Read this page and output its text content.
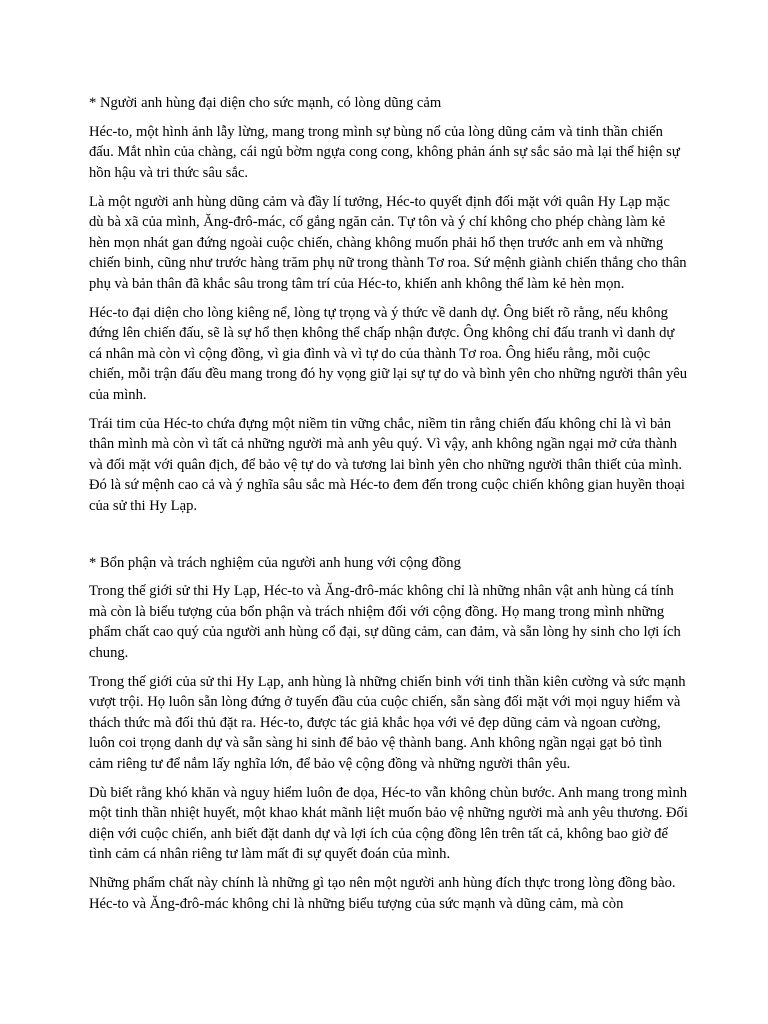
* Người anh hùng đại diện cho sức mạnh, có lòng dũng cảm

Héc-to, một hình ảnh lẫy lừng, mang trong mình sự bùng nổ của lòng dũng cảm và tinh thần chiến đấu. Mắt nhìn của chàng, cái ngủ bờm ngựa cong cong, không phản ánh sự sắc sảo mà lại thể hiện sự hồn hậu và tri thức sâu sắc.

Là một người anh hùng dũng cảm và đầy lí tưởng, Héc-to quyết định đối mặt với quân Hy Lạp mặc dù bà xã của mình, Ăng-đrô-mác, cố gắng ngăn cản. Tự tôn và ý chí không cho phép chàng làm kẻ hèn mọn nhát gan đứng ngoài cuộc chiến, chàng không muốn phải hổ thẹn trước anh em và những chiến binh, cũng như trước hàng trăm phụ nữ trong thành Tơ roa. Sứ mệnh giành chiến thắng cho thân phụ và bản thân đã khắc sâu trong tâm trí của Héc-to, khiến anh không thể làm kẻ hèn mọn.

Héc-to đại diện cho lòng kiêng nể, lòng tự trọng và ý thức về danh dự. Ông biết rõ rằng, nếu không đứng lên chiến đấu, sẽ là sự hổ thẹn không thể chấp nhận được. Ông không chỉ đấu tranh vì danh dự cá nhân mà còn vì cộng đồng, vì gia đình và vì tự do của thành Tơ roa. Ông hiểu rằng, mỗi cuộc chiến, mỗi trận đấu đều mang trong đó hy vọng giữ lại sự tự do và bình yên cho những người thân yêu của mình.

Trái tim của Héc-to chứa đựng một niềm tin vững chắc, niềm tin rằng chiến đấu không chỉ là vì bản thân mình mà còn vì tất cả những người mà anh yêu quý. Vì vậy, anh không ngần ngại mở cửa thành và đối mặt với quân địch, để bảo vệ tự do và tương lai bình yên cho những người thân thiết của mình. Đó là sứ mệnh cao cả và ý nghĩa sâu sắc mà Héc-to đem đến trong cuộc chiến không gian huyền thoại của sử thi Hy Lạp.

* Bổn phận và trách nghiệm của người anh hung với cộng đồng

Trong thế giới sử thi Hy Lạp, Héc-to và Ăng-đrô-mác không chỉ là những nhân vật anh hùng cá tính mà còn là biểu tượng của bổn phận và trách nhiệm đối với cộng đồng. Họ mang trong mình những phẩm chất cao quý của người anh hùng cổ đại, sự dũng cảm, can đảm, và sẵn lòng hy sinh cho lợi ích chung.

Trong thế giới của sử thi Hy Lạp, anh hùng là những chiến binh với tinh thần kiên cường và sức mạnh vượt trội. Họ luôn sẵn lòng đứng ở tuyến đầu của cuộc chiến, sẵn sàng đối mặt với mọi nguy hiểm và thách thức mà đối thủ đặt ra. Héc-to, được tác giả khắc họa với vẻ đẹp dũng cảm và ngoan cường, luôn coi trọng danh dự và sẵn sàng hi sinh để bảo vệ thành bang. Anh không ngần ngại gạt bỏ tình cảm riêng tư để nắm lấy nghĩa lớn, để bảo vệ cộng đồng và những người thân yêu.

Dù biết rằng khó khăn và nguy hiểm luôn đe dọa, Héc-to vẫn không chùn bước. Anh mang trong mình một tinh thần nhiệt huyết, một khao khát mãnh liệt muốn bảo vệ những người mà anh yêu thương. Đối diện với cuộc chiến, anh biết đặt danh dự và lợi ích của cộng đồng lên trên tất cả, không bao giờ để tình cảm cá nhân riêng tư làm mất đi sự quyết đoán của mình.

Những phẩm chất này chính là những gì tạo nên một người anh hùng đích thực trong lòng đồng bào. Héc-to và Ăng-đrô-mác không chỉ là những biểu tượng của sức mạnh và dũng cảm, mà còn
